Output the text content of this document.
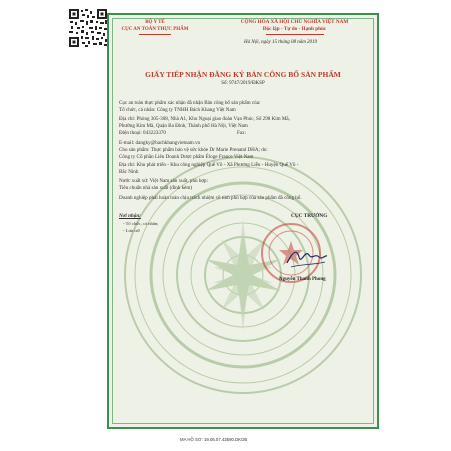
BỘ Y TẾ
CỤC AN TOÀN THỰC PHẨM
CỘNG HÒA XÃ HỘI CHỦ NGHĨA VIỆT NAM
Độc lập - Tự do - Hạnh phúc
Hà Nội, ngày 15 tháng 08 năm 2019
GIẤY TIẾP NHẬN ĐĂNG KÝ BẢN CÔNG BỐ SẢN PHẨM
Số: 9747/2019/ĐKSP
Cục an toàn thực phẩm xác nhận đã nhận Bản công bố sản phẩm của:
Tổ chức, cá nhân: Công ty TNHH Bách Khang Việt Nam
Địa chỉ: Phòng 305-308, Nhà A1, Khu Ngoại giao đoàn Vạn Phúc, Số 298 Kim Mã,
Phường Kim Mã, Quận Ba Đình, Thành phố Hà Nội, Việt Nam
Điện thoại: 043223370	Fax:
E-mail: dangky@bachkhangvietnam.vn
Cho sản phẩm: Thực phẩm bảo vệ sức khỏe Dr Marie Prenatal DHA; do:
Công ty Cổ phần Liên Doanh Dược phẩm Éloge France Việt Nam
Địa chỉ: Khu phát triển - Khu công nghiệp Quế Võ - Xã Phương Liễu - Huyện Quế Võ -
Bắc Ninh
Nước xuất xứ: Việt Nam sản xuất, phù hợp:
Tiêu chuẩn nhà sản xuất (đính kèm)
Doanh nghiệp phải hoàn toàn chịu trách nhiệm về tính phù hợp của sản phẩm đã công bố.
Nơi nhận:
- Tổ chức, cá nhân;
- Lưu trữ
CỤC TRƯỞNG
Nguyễn Thanh Phong
MA HỒ SƠ: 19.06.07.43590.DKOB
